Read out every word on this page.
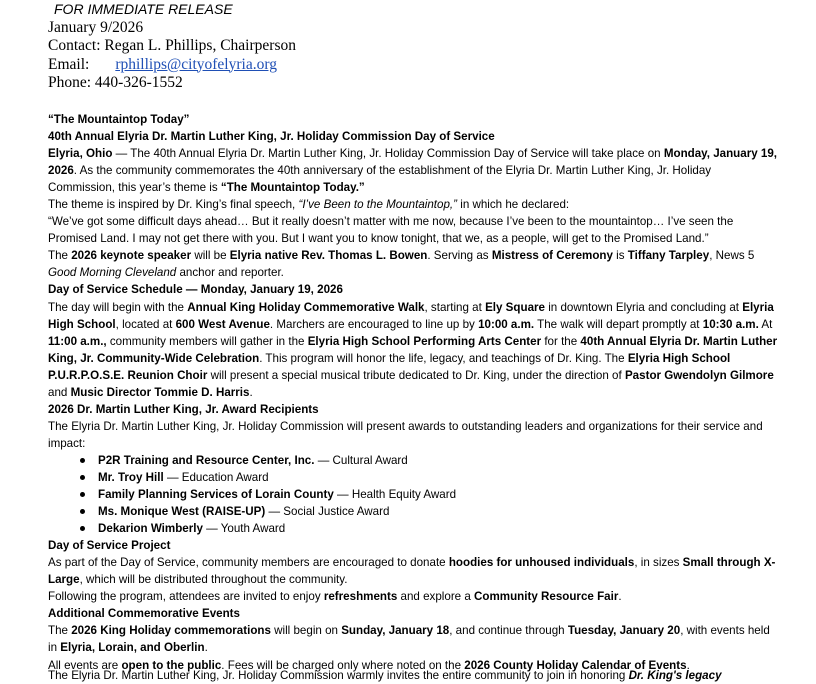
FOR IMMEDIATE RELEASE
January 9/2026
Contact: Regan L. Phillips, Chairperson
Email: rphillips@cityofelyria.org
Phone: 440-326-1552

“The Mountaintop Today”

40th Annual Elyria Dr. Martin Luther King, Jr. Holiday Commission Day of Service

Elyria, Ohio — The 40th Annual Elyria Dr. Martin Luther King, Jr. Holiday Commission Day of Service will take place on Monday, January 19, 2026. As the community commemorates the 40th anniversary of the establishment of the Elyria Dr. Martin Luther King, Jr. Holiday Commission, this year’s theme is “The Mountaintop Today.”

The theme is inspired by Dr. King’s final speech, “I’ve Been to the Mountaintop,” in which he declared:

“We’ve got some difficult days ahead… But it really doesn’t matter with me now, because I’ve been to the mountaintop… I’ve seen the Promised Land. I may not get there with you. But I want you to know tonight, that we, as a people, will get to the Promised Land.”

The 2026 keynote speaker will be Elyria native Rev. Thomas L. Bowen. Serving as Mistress of Ceremony is Tiffany Tarpley, News 5 Good Morning Cleveland anchor and reporter.

Day of Service Schedule — Monday, January 19, 2026

The day will begin with the Annual King Holiday Commemorative Walk, starting at Ely Square in downtown Elyria and concluding at Elyria High School, located at 600 West Avenue. Marchers are encouraged to line up by 10:00 a.m. The walk will depart promptly at 10:30 a.m. At 11:00 a.m., community members will gather in the Elyria High School Performing Arts Center for the 40th Annual Elyria Dr. Martin Luther King, Jr. Community-Wide Celebration. This program will honor the life, legacy, and teachings of Dr. King. The Elyria High School P.U.R.P.O.S.E. Reunion Choir will present a special musical tribute dedicated to Dr. King, under the direction of Pastor Gwendolyn Gilmore and Music Director Tommie D. Harris.

2026 Dr. Martin Luther King, Jr. Award Recipients

The Elyria Dr. Martin Luther King, Jr. Holiday Commission will present awards to outstanding leaders and organizations for their service and impact:

P2R Training and Resource Center, Inc. — Cultural Award
Mr. Troy Hill — Education Award
Family Planning Services of Lorain County — Health Equity Award
Ms. Monique West (RAISE-UP) — Social Justice Award
Dekarion Wimberly — Youth Award

Day of Service Project

As part of the Day of Service, community members are encouraged to donate hoodies for unhoused individuals, in sizes Small through X-Large, which will be distributed throughout the community.

Following the program, attendees are invited to enjoy refreshments and explore a Community Resource Fair.

Additional Commemorative Events

The 2026 King Holiday commemorations will begin on Sunday, January 18, and continue through Tuesday, January 20, with events held in Elyria, Lorain, and Oberlin.

All events are open to the public. Fees will be charged only where noted on the 2026 County Holiday Calendar of Events.

The Elyria Dr. Martin Luther King, Jr. Holiday Commission warmly invites the entire community to join in honoring Dr. King's legacy
